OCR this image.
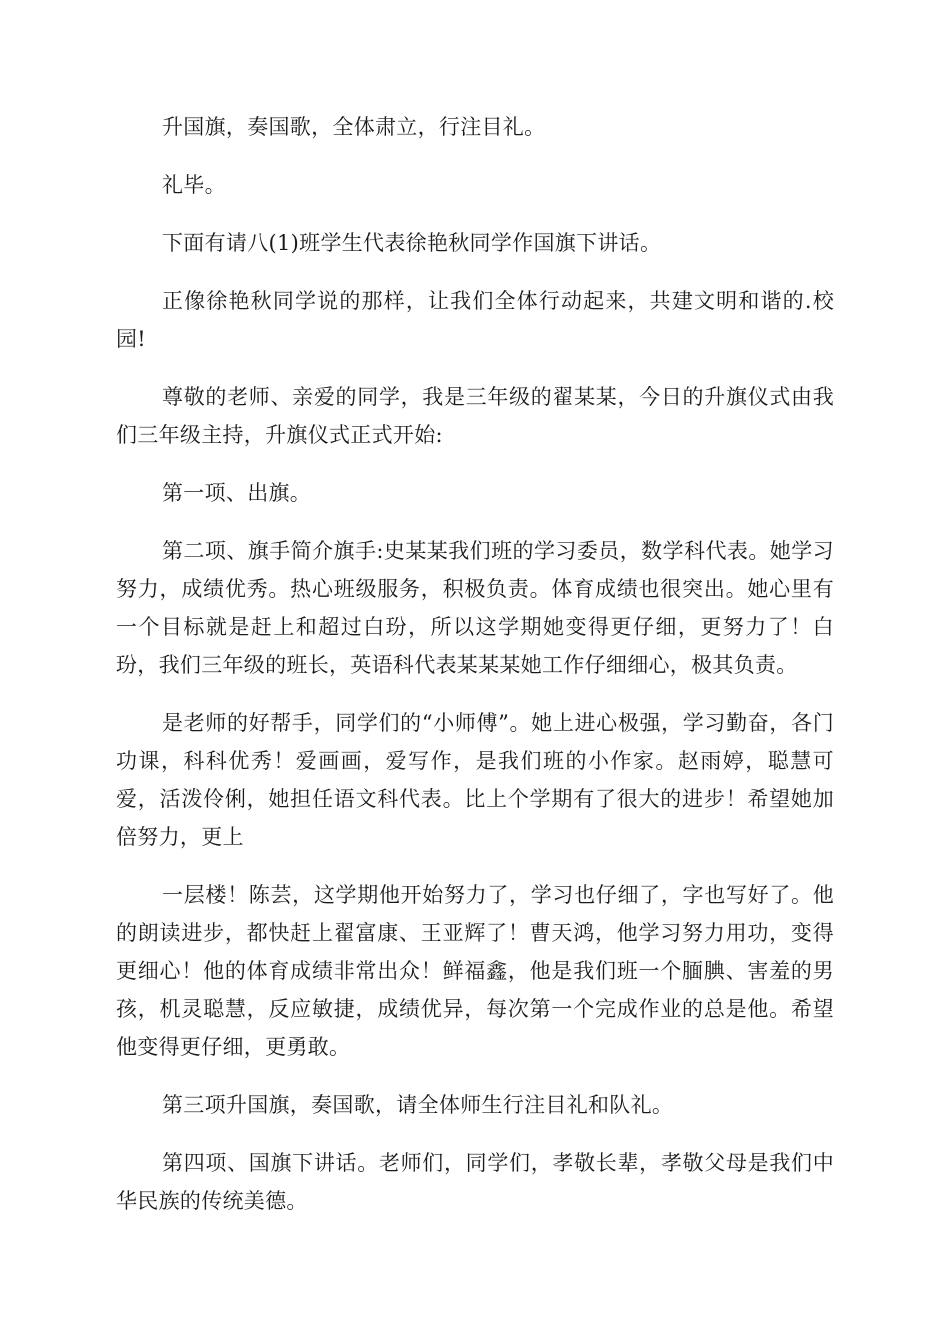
升国旗，奏国歌，全体肃立，行注目礼。

礼毕。

下面有请八(1)班学生代表徐艳秋同学作国旗下讲话。

正像徐艳秋同学说的那样，让我们全体行动起来，共建文明和谐的.校园!

尊敬的老师、亲爱的同学，我是三年级的翟某某，今日的升旗仪式由我们三年级主持，升旗仪式正式开始:

第一项、出旗。

第二项、旗手简介旗手:史某某我们班的学习委员，数学科代表。她学习努力，成绩优秀。热心班级服务，积极负责。体育成绩也很突出。她心里有一个目标就是赶上和超过白玢，所以这学期她变得更仔细，更努力了！白玢，我们三年级的班长，英语科代表某某某她工作仔细细心，极其负责。

是老师的好帮手，同学们的“小师傅”。她上进心极强，学习勤奋，各门功课，科科优秀！爱画画，爱写作，是我们班的小作家。赵雨婷，聪慧可爱，活泼伶俐，她担任语文科代表。比上个学期有了很大的进步！希望她加倍努力，更上

一层楼！陈芸，这学期他开始努力了，学习也仔细了，字也写好了。他的朗读进步，都快赶上翟富康、王亚辉了！曹天鸿，他学习努力用功，变得更细心！他的体育成绩非常出众！鲜福鑫，他是我们班一个腼腆、害羞的男孩，机灵聪慧，反应敏捷，成绩优异，每次第一个完成作业的总是他。希望他变得更仔细，更勇敢。

第三项升国旗，奏国歌，请全体师生行注目礼和队礼。

第四项、国旗下讲话。老师们，同学们，孝敬长辈，孝敬父母是我们中华民族的传统美德。
